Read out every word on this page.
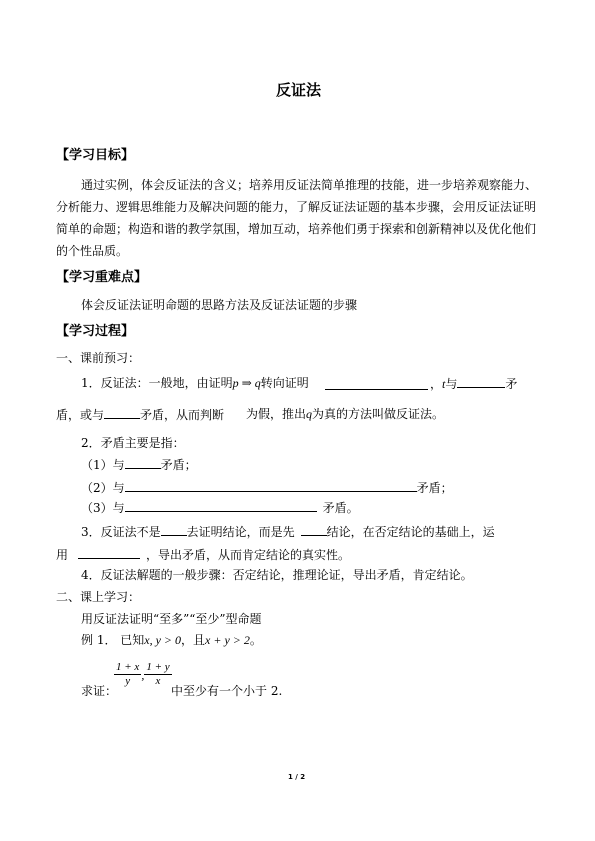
反证法
【学习目标】
通过实例，体会反证法的含义；培养用反证法简单推理的技能，进一步培养观察能力、
分析能力、逻辑思维能力及解决问题的能力，了解反证法证题的基本步骤，会用反证法证明
简单的命题；构造和谐的教学氛围，增加互动，培养他们勇于探索和创新精神以及优化他们
的个性品质。
【学习重难点】
体会反证法证明命题的思路方法及反证法证题的步骤
【学习过程】
一、课前预习：
1．反证法：一般地，由证明p ⇒ q转向证明	，t与	矛
盾，或与	矛盾，从而判断 为假，推出q为真的方法叫做反证法。
2．矛盾主要是指：
（1）与	矛盾；
（2）与	矛盾；
（3）与	矛盾。
3．反证法不是 去证明结论，而是先	结论，在否定结论的基础上，运
用	，导出矛盾，从而肯定结论的真实性。
4．反证法解题的一般步骤：否定结论，推理论证，导出矛盾，肯定结论。
二、课上学习：
用反证法证明“至多”“至少”型命题
例 1． 已知x, y > 0，且x + y > 2。
$\frac{1 + x}{y}$ , $\frac{1 + y}{x}$
求证：	中至少有一个小于 2.
1 / 2
